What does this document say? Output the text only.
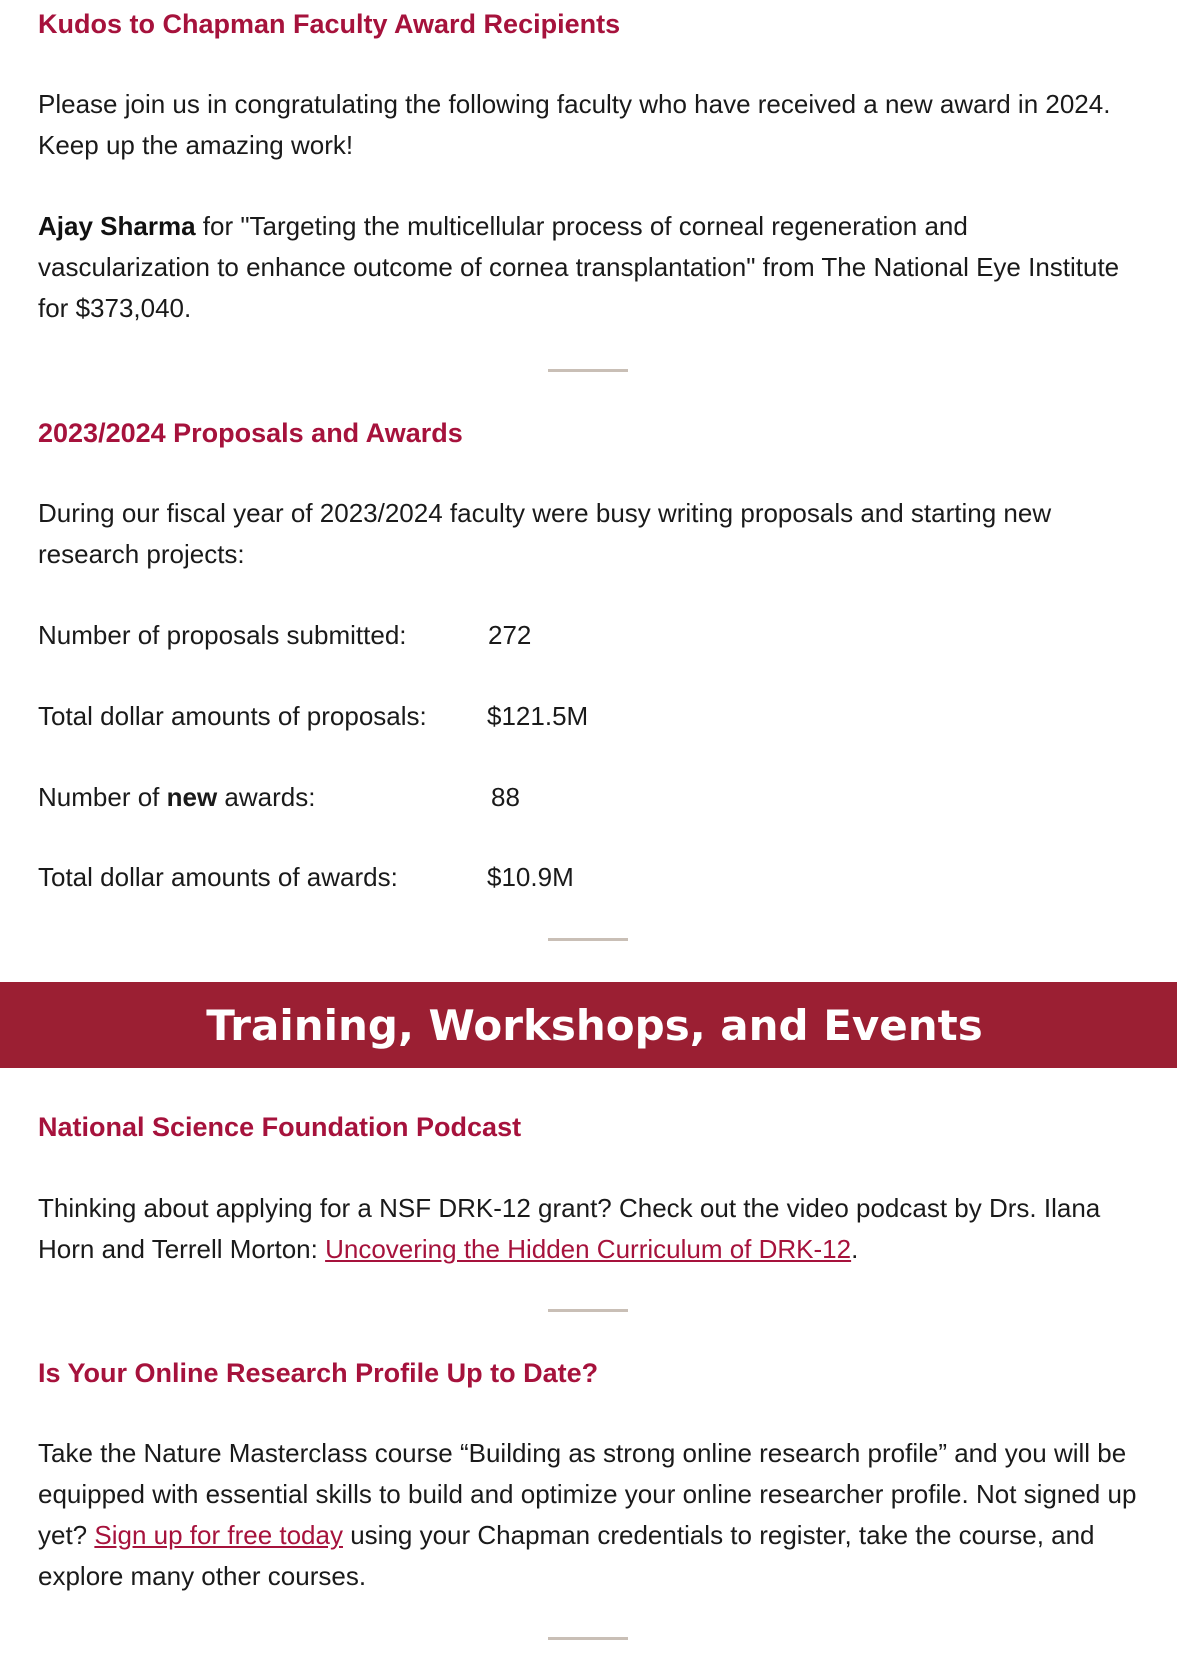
Kudos to Chapman Faculty Award Recipients

Please join us in congratulating the following faculty who have received a new award in 2024. Keep up the amazing work!

Ajay Sharma for "Targeting the multicellular process of corneal regeneration and vascularization to enhance outcome of cornea transplantation" from The National Eye Institute for $373,040.

2023/2024 Proposals and Awards

During our fiscal year of 2023/2024 faculty were busy writing proposals and starting new research projects:

Number of proposals submitted:	272
Total dollar amounts of proposals: $121.5M
Number of new awards:	88
Total dollar amounts of awards:	$10.9M
Training, Workshops, and Events
National Science Foundation Podcast

Thinking about applying for a NSF DRK-12 grant? Check out the video podcast by Drs. Ilana Horn and Terrell Morton: Uncovering the Hidden Curriculum of DRK-12.

Is Your Online Research Profile Up to Date?

Take the Nature Masterclass course “Building as strong online research profile” and you will be equipped with essential skills to build and optimize your online researcher profile. Not signed up yet? Sign up for free today using your Chapman credentials to register, take the course, and explore many other courses.
